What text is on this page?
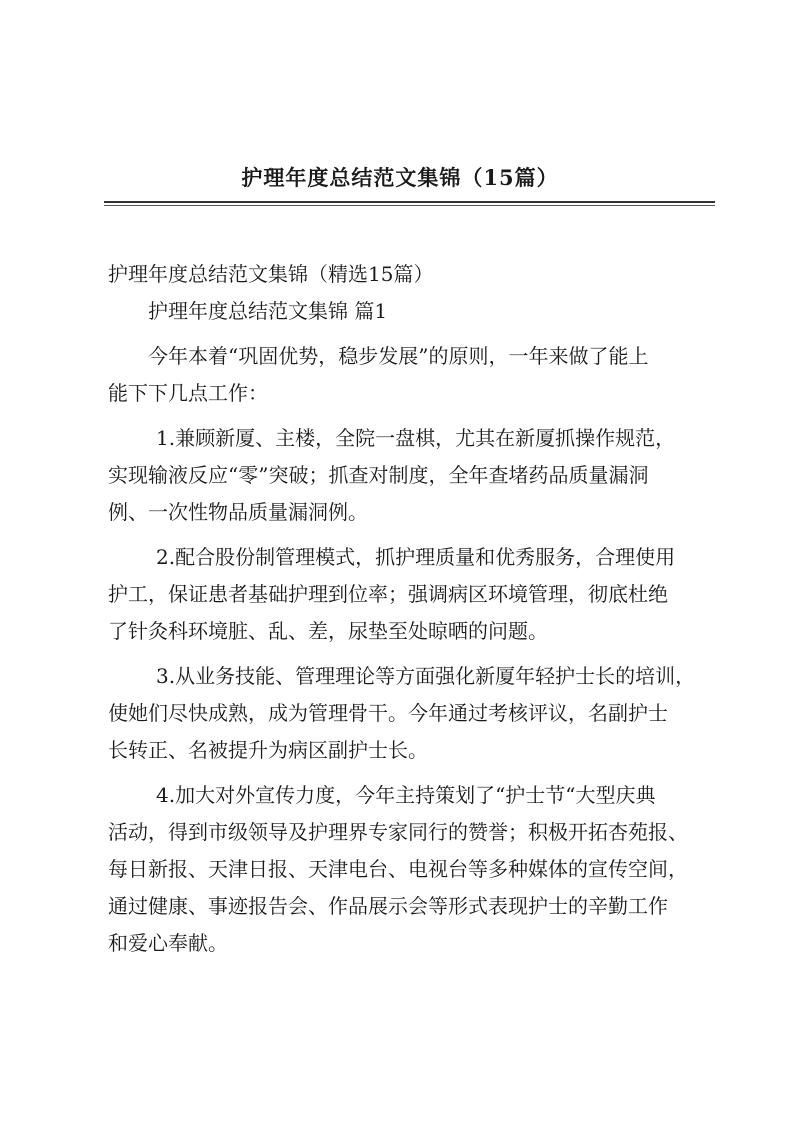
护理年度总结范文集锦（15篇）
护理年度总结范文集锦（精选15篇）
护理年度总结范文集锦 篇1
今年本着“巩固优势，稳步发展”的原则，一年来做了能上
能下下几点工作：
1.兼顾新厦、主楼，全院一盘棋，尤其在新厦抓操作规范，
实现输液反应“零”突破；抓查对制度，全年查堵药品质量漏洞
例、一次性物品质量漏洞例。
2.配合股份制管理模式，抓护理质量和优秀服务，合理使用
护工，保证患者基础护理到位率；强调病区环境管理，彻底杜绝
了针灸科环境脏、乱、差，尿垫至处晾晒的问题。
3.从业务技能、管理理论等方面强化新厦年轻护士长的培训，
使她们尽快成熟，成为管理骨干。今年通过考核评议，名副护士
长转正、名被提升为病区副护士长。
4.加大对外宣传力度，今年主持策划了“护士节“大型庆典
活动，得到市级领导及护理界专家同行的赞誉；积极开拓杏苑报、
每日新报、天津日报、天津电台、电视台等多种媒体的宣传空间，
通过健康、事迹报告会、作品展示会等形式表现护士的辛勤工作
和爱心奉献。
